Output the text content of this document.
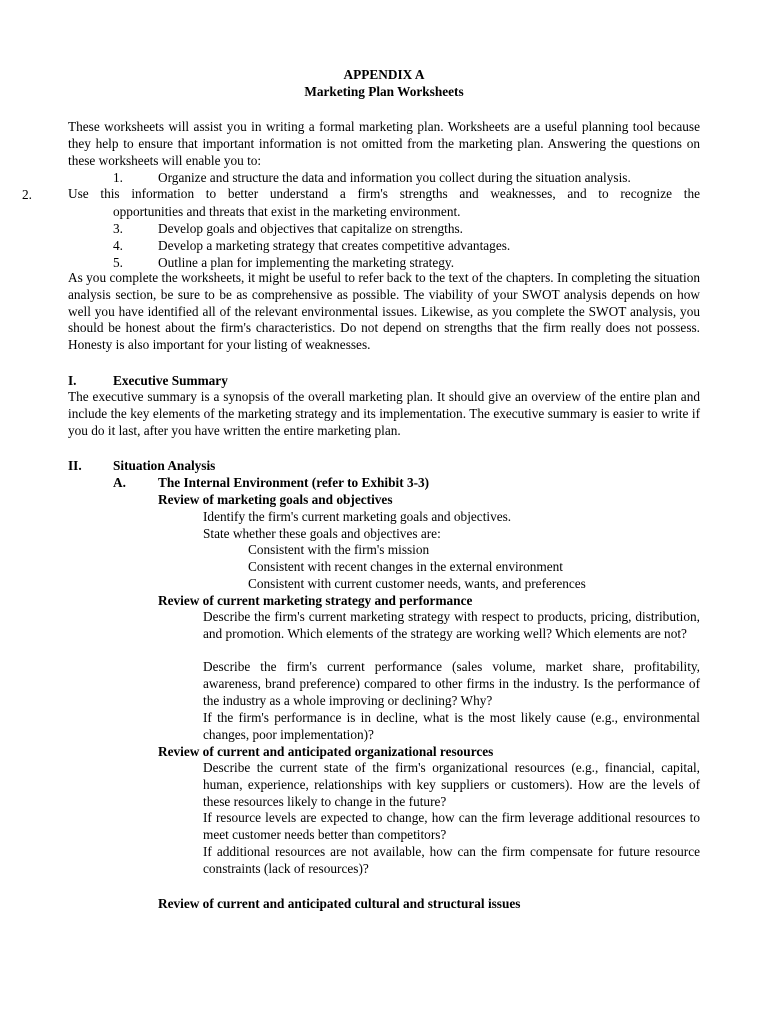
APPENDIX A
Marketing Plan Worksheets
These worksheets will assist you in writing a formal marketing plan. Worksheets are a useful planning tool because they help to ensure that important information is not omitted from the marketing plan. Answering the questions on these worksheets will enable you to:
1.	Organize and structure the data and information you collect during the situation analysis.
2.	Use this information to better understand a firm's strengths and weaknesses, and to recognize the
opportunities and threats that exist in the marketing environment.
3.	Develop goals and objectives that capitalize on strengths.
4.	Develop a marketing strategy that creates competitive advantages.
5.	Outline a plan for implementing the marketing strategy.
As you complete the worksheets, it might be useful to refer back to the text of the chapters. In completing the situation analysis section, be sure to be as comprehensive as possible. The viability of your SWOT analysis depends on how well you have identified all of the relevant environmental issues. Likewise, as you complete the SWOT analysis, you should be honest about the firm's characteristics. Do not depend on strengths that the firm really does not possess. Honesty is also important for your listing of weaknesses.
I.	Executive Summary
The executive summary is a synopsis of the overall marketing plan. It should give an overview of the entire plan and include the key elements of the marketing strategy and its implementation. The executive summary is easier to write if you do it last, after you have written the entire marketing plan.
II. Situation Analysis
A. The Internal Environment (refer to Exhibit 3-3)
Review of marketing goals and objectives
Identify the firm's current marketing goals and objectives.
State whether these goals and objectives are:
Consistent with the firm's mission
Consistent with recent changes in the external environment
Consistent with current customer needs, wants, and preferences
Review of current marketing strategy and performance
Describe the firm's current marketing strategy with respect to products, pricing, distribution, and promotion. Which elements of the strategy are working well? Which elements are not?
Describe the firm's current performance (sales volume, market share, profitability, awareness, brand preference) compared to other firms in the industry. Is the performance of the industry as a whole improving or declining? Why?
If the firm's performance is in decline, what is the most likely cause (e.g., environmental changes, poor implementation)?
Review of current and anticipated organizational resources
Describe the current state of the firm's organizational resources (e.g., financial, capital, human, experience, relationships with key suppliers or customers). How are the levels of these resources likely to change in the future?
If resource levels are expected to change, how can the firm leverage additional resources to meet customer needs better than competitors?
If additional resources are not available, how can the firm compensate for future resource constraints (lack of resources)?
Review of current and anticipated cultural and structural issues
